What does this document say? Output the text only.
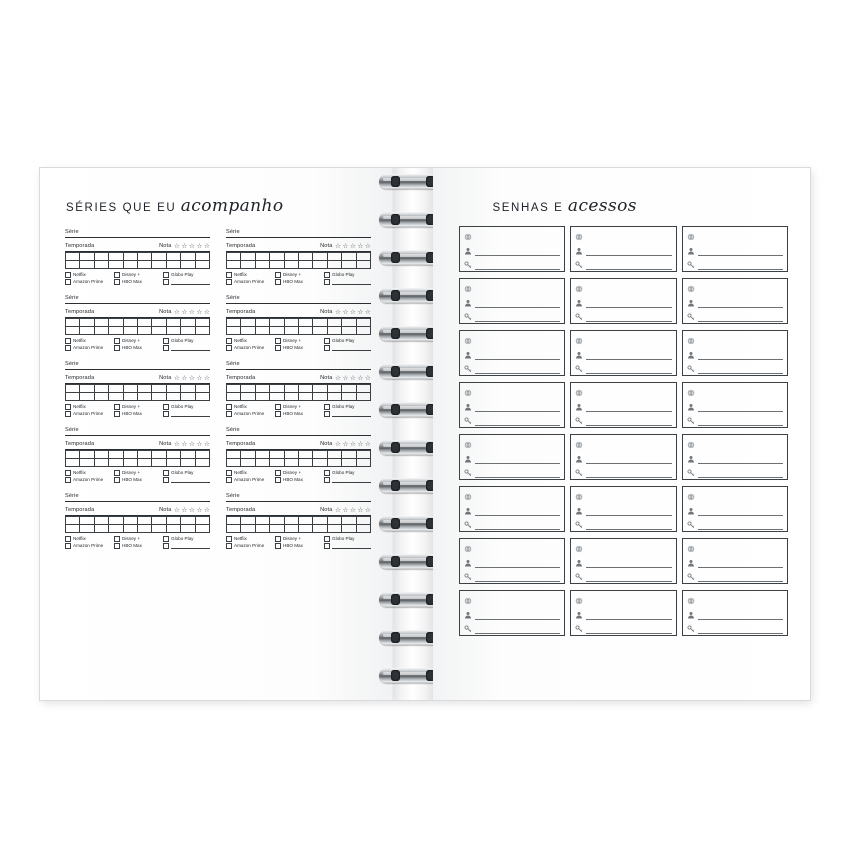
SÉRIES QUE EU acompanho
Série
Temporada	Nota ☆ ☆ ☆ ☆ ☆

Netflix	Disney +	Globo Play
Amazon Prime	HBO Max
Série
Temporada	Nota ☆ ☆ ☆ ☆ ☆

Netflix	Disney +	Globo Play
Amazon Prime	HBO Max
Série
Temporada	Nota ☆ ☆ ☆ ☆ ☆

Netflix	Disney +	Globo Play
Amazon Prime	HBO Max
Série
Temporada	Nota ☆ ☆ ☆ ☆ ☆

Netflix	Disney +	Globo Play
Amazon Prime	HBO Max
Série
Temporada	Nota ☆ ☆ ☆ ☆ ☆

Netflix	Disney +	Globo Play
Amazon Prime	HBO Max
Série
Temporada	Nota ☆ ☆ ☆ ☆ ☆

Netflix	Disney +	Globo Play
Amazon Prime	HBO Max
Série
Temporada	Nota ☆ ☆ ☆ ☆ ☆

Netflix	Disney +	Globo Play
Amazon Prime	HBO Max
Série
Temporada	Nota ☆ ☆ ☆ ☆ ☆

Netflix	Disney +	Globo Play
Amazon Prime	HBO Max
Série
Temporada	Nota ☆ ☆ ☆ ☆ ☆

Netflix	Disney +	Globo Play
Amazon Prime	HBO Max
Série
Temporada	Nota ☆ ☆ ☆ ☆ ☆

Netflix	Disney +	Globo Play
Amazon Prime	HBO Max
SENHAS E acessos
